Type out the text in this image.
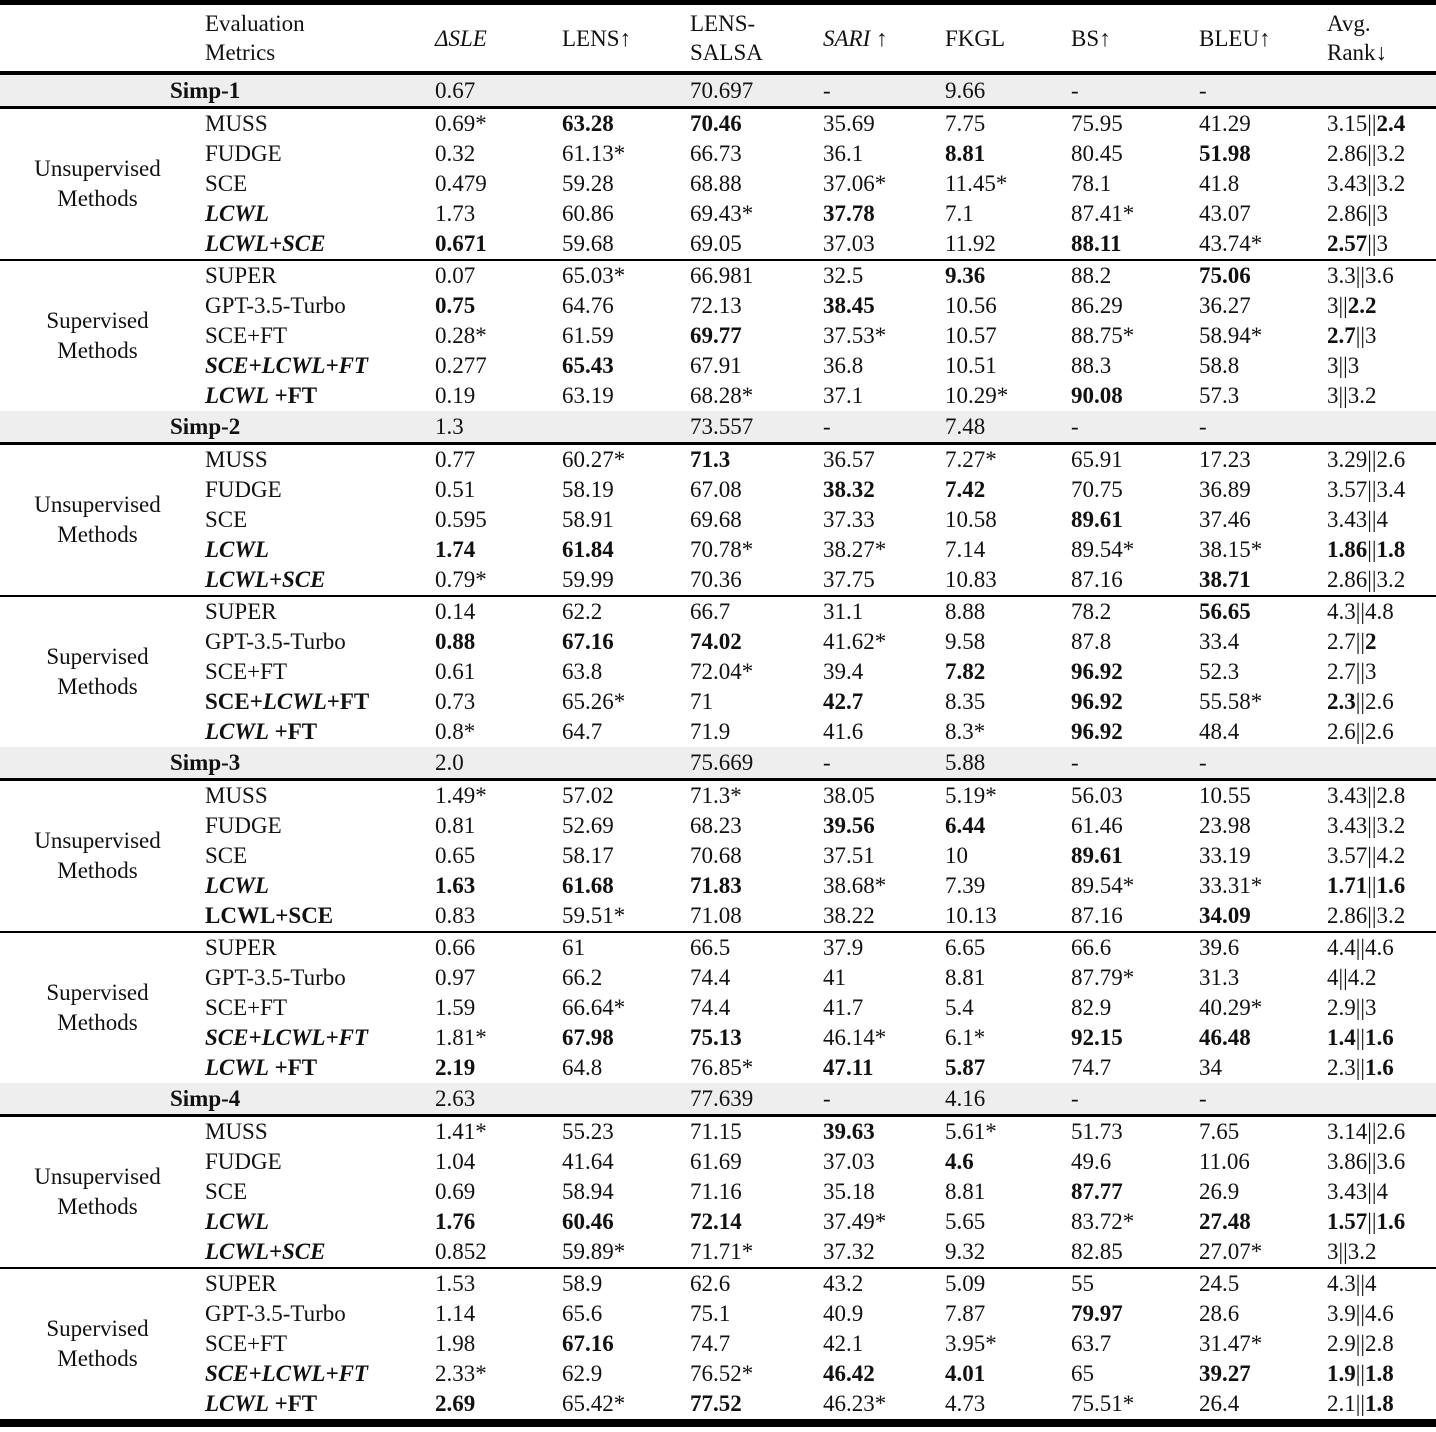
	Evaluation
Metrics	ΔSLE	LENS↑	LENS-
SALSA	SARI ↑	FKGL	BS↑	BLEU↑	Avg.
Rank↓
Simp-1		0.67		70.697	-	9.66	-	-	
Unsupervised
Methods	MUSS	0.69*	63.28	70.46	35.69	7.75	75.95	41.29	3.15||2.4
	FUDGE	0.32	61.13*	66.73	36.1	8.81	80.45	51.98	2.86||3.2
	SCE	0.479	59.28	68.88	37.06*	11.45*	78.1	41.8	3.43||3.2
	LCWL	1.73	60.86	69.43*	37.78	7.1	87.41*	43.07	2.86||3
	LCWL+SCE	0.671	59.68	69.05	37.03	11.92	88.11	43.74*	2.57||3
Supervised
Methods	SUPER	0.07	65.03*	66.981	32.5	9.36	88.2	75.06	3.3||3.6
	GPT-3.5-Turbo	0.75	64.76	72.13	38.45	10.56	86.29	36.27	3||2.2
	SCE+FT	0.28*	61.59	69.77	37.53*	10.57	88.75*	58.94*	2.7||3
	SCE+LCWL+FT	0.277	65.43	67.91	36.8	10.51	88.3	58.8	3||3
	LCWL +FT	0.19	63.19	68.28*	37.1	10.29*	90.08	57.3	3||3.2
Simp-2		1.3		73.557	-	7.48	-	-	
Unsupervised
Methods	MUSS	0.77	60.27*	71.3	36.57	7.27*	65.91	17.23	3.29||2.6
	FUDGE	0.51	58.19	67.08	38.32	7.42	70.75	36.89	3.57||3.4
	SCE	0.595	58.91	69.68	37.33	10.58	89.61	37.46	3.43||4
	LCWL	1.74	61.84	70.78*	38.27*	7.14	89.54*	38.15*	1.86||1.8
	LCWL+SCE	0.79*	59.99	70.36	37.75	10.83	87.16	38.71	2.86||3.2
Supervised
Methods	SUPER	0.14	62.2	66.7	31.1	8.88	78.2	56.65	4.3||4.8
	GPT-3.5-Turbo	0.88	67.16	74.02	41.62*	9.58	87.8	33.4	2.7||2
	SCE+FT	0.61	63.8	72.04*	39.4	7.82	96.92	52.3	2.7||3
	SCE+LCWL+FT	0.73	65.26*	71	42.7	8.35	96.92	55.58*	2.3||2.6
	LCWL +FT	0.8*	64.7	71.9	41.6	8.3*	96.92	48.4	2.6||2.6
Simp-3		2.0		75.669	-	5.88	-	-	
Unsupervised
Methods	MUSS	1.49*	57.02	71.3*	38.05	5.19*	56.03	10.55	3.43||2.8
	FUDGE	0.81	52.69	68.23	39.56	6.44	61.46	23.98	3.43||3.2
	SCE	0.65	58.17	70.68	37.51	10	89.61	33.19	3.57||4.2
	LCWL	1.63	61.68	71.83	38.68*	7.39	89.54*	33.31*	1.71||1.6
	LCWL+SCE	0.83	59.51*	71.08	38.22	10.13	87.16	34.09	2.86||3.2
Supervised
Methods	SUPER	0.66	61	66.5	37.9	6.65	66.6	39.6	4.4||4.6
	GPT-3.5-Turbo	0.97	66.2	74.4	41	8.81	87.79*	31.3	4||4.2
	SCE+FT	1.59	66.64*	74.4	41.7	5.4	82.9	40.29*	2.9||3
	SCE+LCWL+FT	1.81*	67.98	75.13	46.14*	6.1*	92.15	46.48	1.4||1.6
	LCWL +FT	2.19	64.8	76.85*	47.11	5.87	74.7	34	2.3||1.6
Simp-4		2.63		77.639	-	4.16	-	-	
Unsupervised
Methods	MUSS	1.41*	55.23	71.15	39.63	5.61*	51.73	7.65	3.14||2.6
	FUDGE	1.04	41.64	61.69	37.03	4.6	49.6	11.06	3.86||3.6
	SCE	0.69	58.94	71.16	35.18	8.81	87.77	26.9	3.43||4
	LCWL	1.76	60.46	72.14	37.49*	5.65	83.72*	27.48	1.57||1.6
	LCWL+SCE	0.852	59.89*	71.71*	37.32	9.32	82.85	27.07*	3||3.2
Supervised
Methods	SUPER	1.53	58.9	62.6	43.2	5.09	55	24.5	4.3||4
	GPT-3.5-Turbo	1.14	65.6	75.1	40.9	7.87	79.97	28.6	3.9||4.6
	SCE+FT	1.98	67.16	74.7	42.1	3.95*	63.7	31.47*	2.9||2.8
	SCE+LCWL+FT	2.33*	62.9	76.52*	46.42	4.01	65	39.27	1.9||1.8
	LCWL +FT	2.69	65.42*	77.52	46.23*	4.73	75.51*	26.4	2.1||1.8
